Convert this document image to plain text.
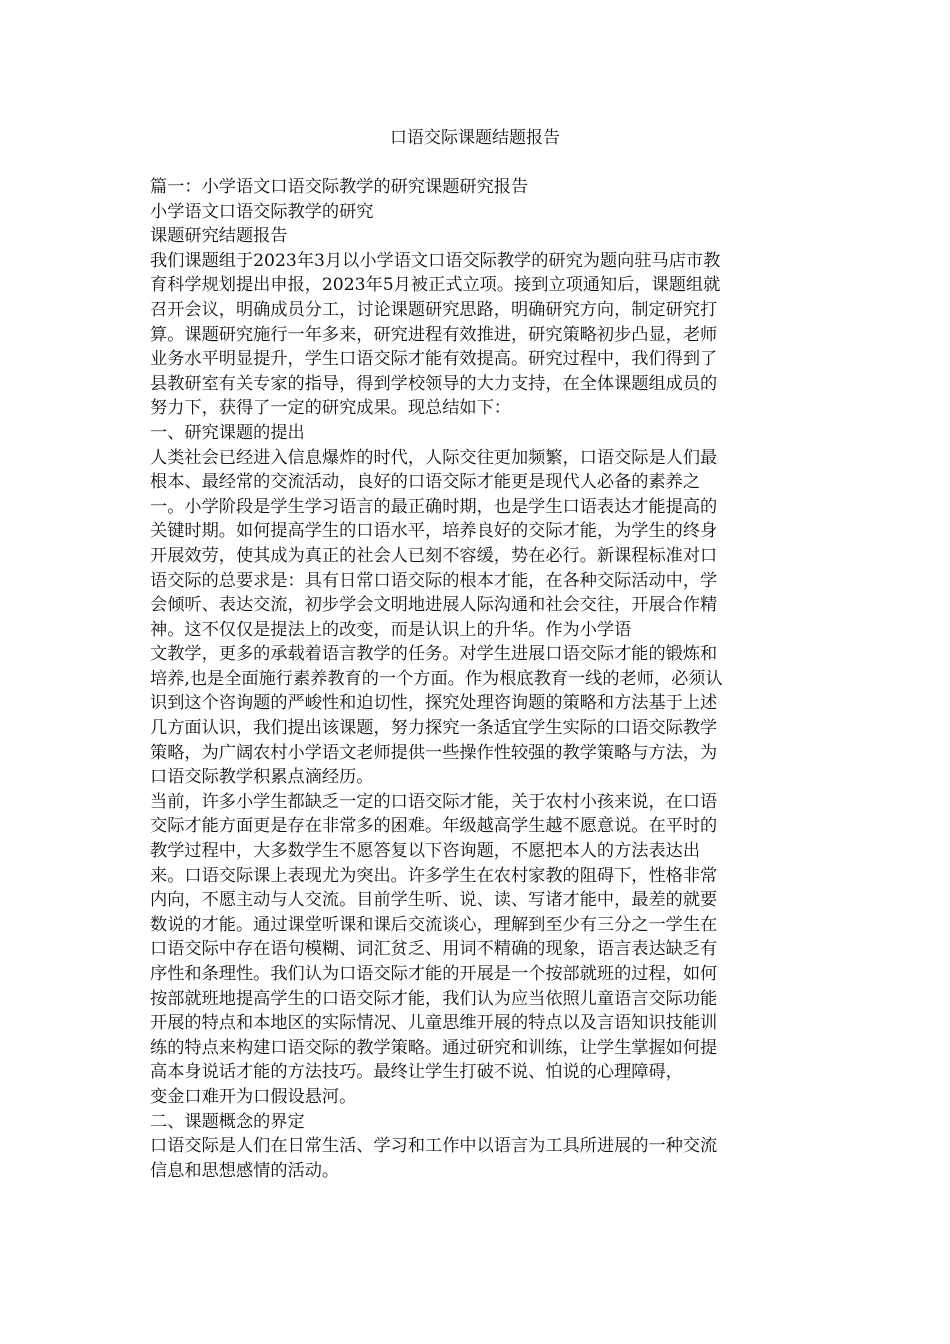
口语交际课题结题报告
篇一：小学语文口语交际教学的研究课题研究报告
小学语文口语交际教学的研究
课题研究结题报告
我们课题组于2023年3月以小学语文口语交际教学的研究为题向驻马店市教
育科学规划提出申报，2023年5月被正式立项。接到立项通知后，课题组就
召开会议，明确成员分工，讨论课题研究思路，明确研究方向，制定研究打
算。课题研究施行一年多来，研究进程有效推进，研究策略初步凸显，老师
业务水平明显提升，学生口语交际才能有效提高。研究过程中，我们得到了
县教研室有关专家的指导，得到学校领导的大力支持，在全体课题组成员的
努力下，获得了一定的研究成果。现总结如下：
一、研究课题的提出
人类社会已经进入信息爆炸的时代，人际交往更加频繁，口语交际是人们最
根本、最经常的交流活动，良好的口语交际才能更是现代人必备的素养之
一。小学阶段是学生学习语言的最正确时期，也是学生口语表达才能提高的
关键时期。如何提高学生的口语水平，培养良好的交际才能，为学生的终身
开展效劳，使其成为真正的社会人已刻不容缓，势在必行。新课程标准对口
语交际的总要求是：具有日常口语交际的根本才能，在各种交际活动中，学
会倾听、表达交流，初步学会文明地进展人际沟通和社会交往，开展合作精
神。这不仅仅是提法上的改变，而是认识上的升华。作为小学语
文教学，更多的承载着语言教学的任务。对学生进展口语交际才能的锻炼和
培养,也是全面施行素养教育的一个方面。作为根底教育一线的老师，必须认
识到这个咨询题的严峻性和迫切性，探究处理咨询题的策略和方法基于上述
几方面认识，我们提出该课题，努力探究一条适宜学生实际的口语交际教学
策略，为广阔农村小学语文老师提供一些操作性较强的教学策略与方法，为
口语交际教学积累点滴经历。
当前，许多小学生都缺乏一定的口语交际才能，关于农村小孩来说，在口语
交际才能方面更是存在非常多的困难。年级越高学生越不愿意说。在平时的
教学过程中，大多数学生不愿答复以下咨询题，不愿把本人的方法表达出
来。口语交际课上表现尤为突出。许多学生在农村家教的阻碍下，性格非常
内向，不愿主动与人交流。目前学生听、说、读、写诸才能中，最差的就要
数说的才能。通过课堂听课和课后交流谈心，理解到至少有三分之一学生在
口语交际中存在语句模糊、词汇贫乏、用词不精确的现象，语言表达缺乏有
序性和条理性。我们认为口语交际才能的开展是一个按部就班的过程，如何
按部就班地提高学生的口语交际才能，我们认为应当依照儿童语言交际功能
开展的特点和本地区的实际情况、儿童思维开展的特点以及言语知识技能训
练的特点来构建口语交际的教学策略。通过研究和训练，让学生掌握如何提
高本身说话才能的方法技巧。最终让学生打破不说、怕说的心理障碍，
变金口难开为口假设悬河。
二、课题概念的界定
口语交际是人们在日常生活、学习和工作中以语言为工具所进展的一种交流
信息和思想感情的活动。
